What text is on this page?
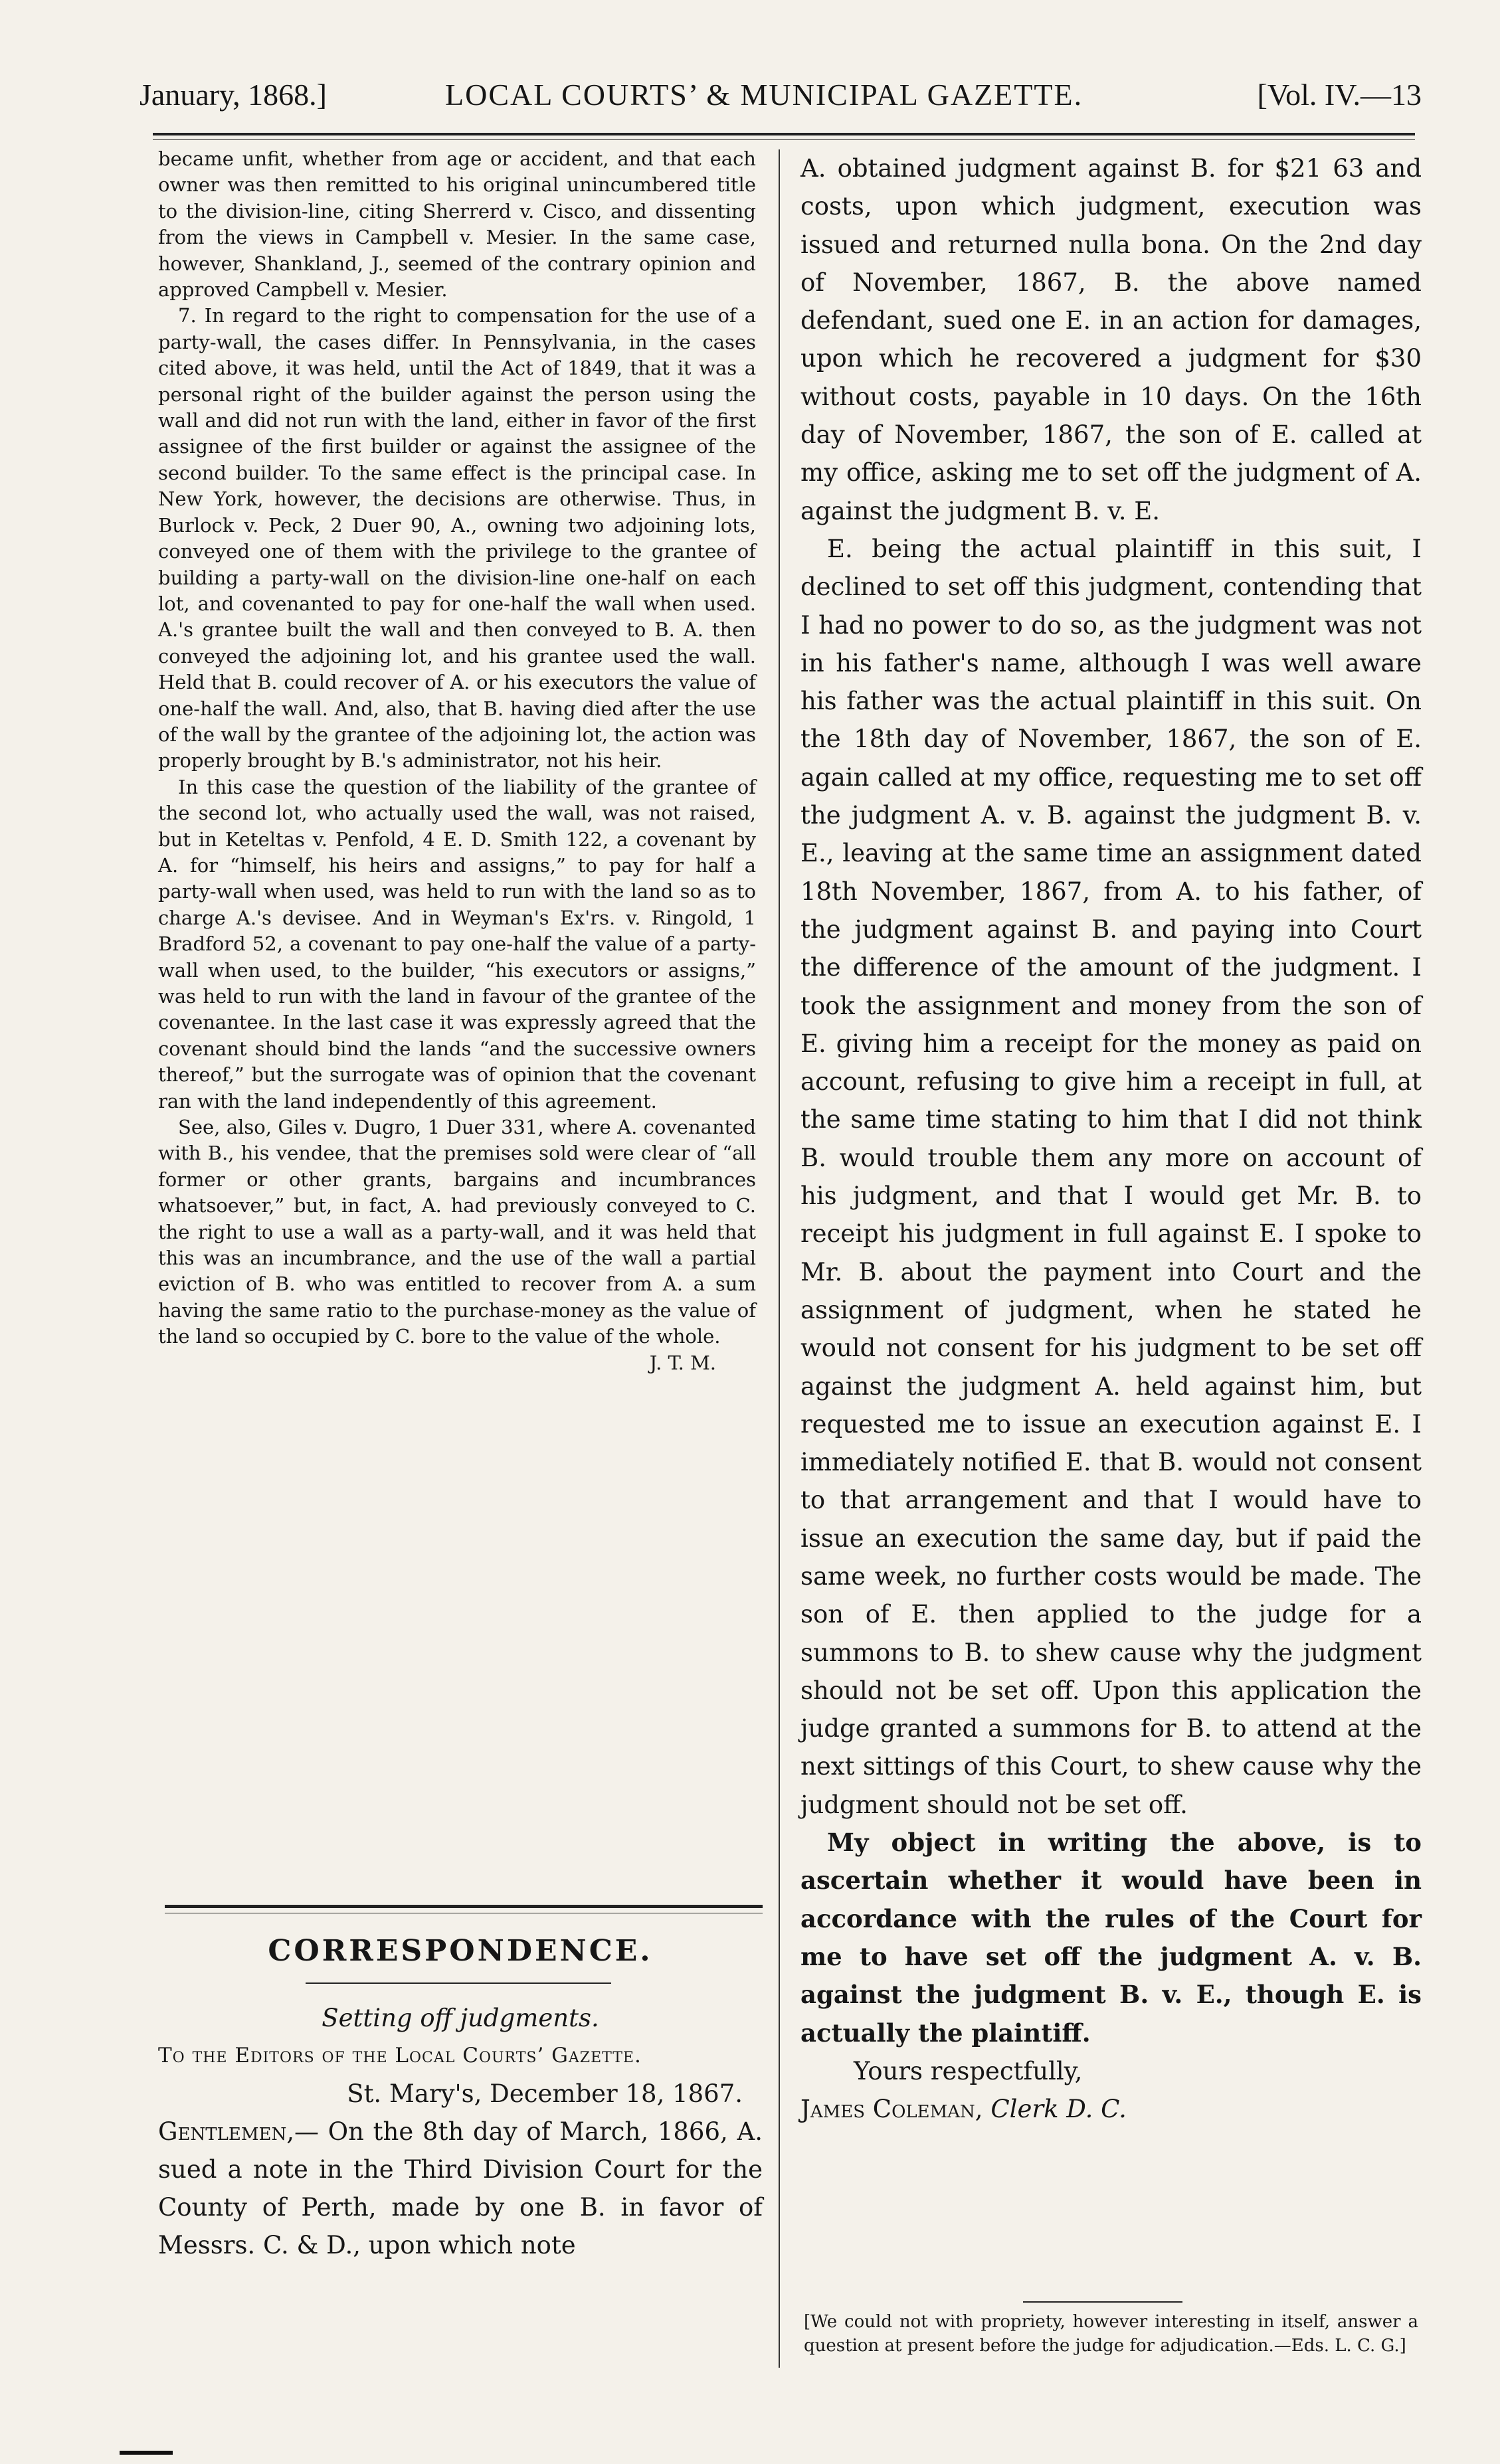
January, 1868.]	LOCAL COURTS’ & MUNICIPAL GAZETTE.	[Vol. IV.—13

became unfit, whether from age or accident, and that each owner was then remitted to his original unincumbered title to the division-line, citing Sherrerd v. Cisco, and dissenting from the views in Campbell v. Mesier. In the same case, however, Shankland, J., seemed of the contrary opinion and approved Campbell v. Mesier.

7. In regard to the right to compensation for the use of a party-wall, the cases differ. In Pennsylvania, in the cases cited above, it was held, until the Act of 1849, that it was a personal right of the builder against the person using the wall and did not run with the land, either in favor of the first assignee of the first builder or against the assignee of the second builder. To the same effect is the principal case. In New York, however, the decisions are otherwise. Thus, in Burlock v. Peck, 2 Duer 90, A., owning two adjoining lots, conveyed one of them with the privilege to the grantee of building a party-wall on the division-line one-half on each lot, and covenanted to pay for one-half the wall when used. A.'s grantee built the wall and then conveyed to B. A. then conveyed the adjoining lot, and his grantee used the wall. Held that B. could recover of A. or his executors the value of one-half the wall. And, also, that B. having died after the use of the wall by the grantee of the adjoining lot, the action was properly brought by B.'s administrator, not his heir.

In this case the question of the liability of the grantee of the second lot, who actually used the wall, was not raised, but in Keteltas v. Penfold, 4 E. D. Smith 122, a covenant by A. for “himself, his heirs and assigns,” to pay for half a party-wall when used, was held to run with the land so as to charge A.'s devisee. And in Weyman's Ex'rs. v. Ringold, 1 Bradford 52, a covenant to pay one-half the value of a party-wall when used, to the builder, “his executors or assigns,” was held to run with the land in favour of the grantee of the covenantee. In the last case it was expressly agreed that the covenant should bind the lands “and the successive owners thereof,” but the surrogate was of opinion that the covenant ran with the land independently of this agreement.

See, also, Giles v. Dugro, 1 Duer 331, where A. covenanted with B., his vendee, that the premises sold were clear of “all former or other grants, bargains and incumbrances whatsoever,” but, in fact, A. had previously conveyed to C. the right to use a wall as a party-wall, and it was held that this was an incumbrance, and the use of the wall a partial eviction of B. who was entitled to recover from A. a sum having the same ratio to the purchase-money as the value of the land so occupied by C. bore to the value of the whole.

J. T. M.

CORRESPONDENCE.

Setting off judgments.

To the Editors of the Local Courts’ Gazette.

St. Mary's, December 18, 1867.

Gentlemen,— On the 8th day of March, 1866, A. sued a note in the Third Division Court for the County of Perth, made by one B. in favor of Messrs. C. & D., upon which note

A. obtained judgment against B. for $21 63 and costs, upon which judgment, execution was issued and returned nulla bona. On the 2nd day of November, 1867, B. the above named defendant, sued one E. in an action for damages, upon which he recovered a judgment for $30 without costs, payable in 10 days. On the 16th day of November, 1867, the son of E. called at my office, asking me to set off the judgment of A. against the judgment B. v. E.

E. being the actual plaintiff in this suit, I declined to set off this judgment, contending that I had no power to do so, as the judgment was not in his father's name, although I was well aware his father was the actual plaintiff in this suit. On the 18th day of November, 1867, the son of E. again called at my office, requesting me to set off the judgment A. v. B. against the judgment B. v. E., leaving at the same time an assignment dated 18th November, 1867, from A. to his father, of the judgment against B. and paying into Court the difference of the amount of the judgment. I took the assignment and money from the son of E. giving him a receipt for the money as paid on account, refusing to give him a receipt in full, at the same time stating to him that I did not think B. would trouble them any more on account of his judgment, and that I would get Mr. B. to receipt his judgment in full against E. I spoke to Mr. B. about the payment into Court and the assignment of judgment, when he stated he would not consent for his judgment to be set off against the judgment A. held against him, but requested me to issue an execution against E. I immediately notified E. that B. would not consent to that arrangement and that I would have to issue an execution the same day, but if paid the same week, no further costs would be made. The son of E. then applied to the judge for a summons to B. to shew cause why the judgment should not be set off. Upon this application the judge granted a summons for B. to attend at the next sittings of this Court, to shew cause why the judgment should not be set off.

My object in writing the above, is to ascertain whether it would have been in accordance with the rules of the Court for me to have set off the judgment A. v. B. against the judgment B. v. E., though E. is actually the plaintiff.

Yours respectfully,

James Coleman, Clerk D. C.

[We could not with propriety, however interesting in itself, answer a question at present before the judge for adjudication.—Eds. L. C. G.]
